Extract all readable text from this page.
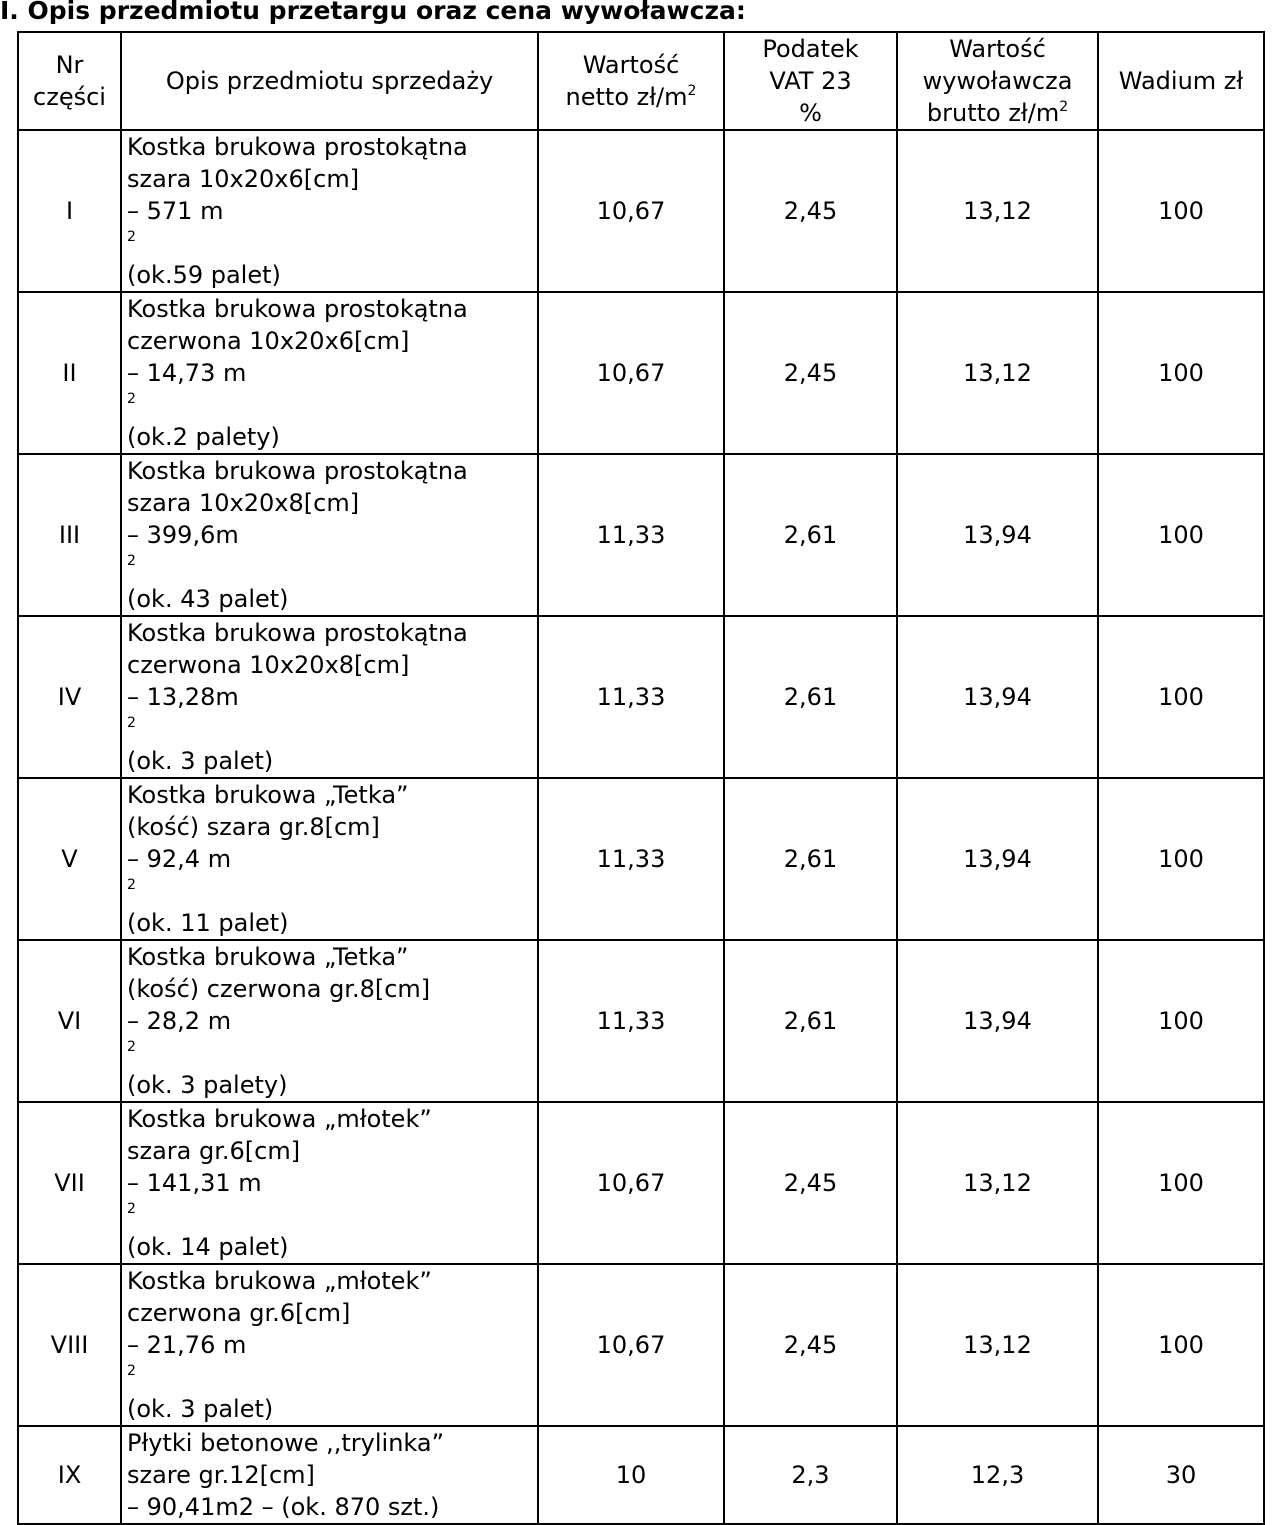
I. Opis przedmiotu przetargu oraz cena wywoławcza:
Nr
części	Opis przedmiotu sprzedaży	Wartość
netto $zł/m^2$	Podatek
VAT 23
%	Wartość
wywoławcza
brutto $zł/m^2$	Wadium zł

I	Kostka brukowa prostokątna
szara 10x20x6[cm]
– 571 m
$^2$
(ok.59 palet)	10,67	2,45	13,12	100
II	Kostka brukowa prostokątna
czerwona 10x20x6[cm]
– 14,73 m
$^2$
(ok.2 palety)	10,67	2,45	13,12	100
III	Kostka brukowa prostokątna
szara 10x20x8[cm]
– 399,6m
$^2$
(ok. 43 palet)	11,33	2,61	13,94	100
IV	Kostka brukowa prostokątna
czerwona 10x20x8[cm]
– 13,28m
$^2$
(ok. 3 palet)	11,33	2,61	13,94	100
V	Kostka brukowa „Tetka”
(kość) szara gr.8[cm]
– 92,4 m
$^2$
(ok. 11 palet)	11,33	2,61	13,94	100
VI	Kostka brukowa „Tetka”
(kość) czerwona gr.8[cm]
– 28,2 m
$^2$
(ok. 3 palety)	11,33	2,61	13,94	100
VII	Kostka brukowa „młotek”
szara gr.6[cm]
– 141,31 m
$^2$
(ok. 14 palet)	10,67	2,45	13,12	100
VIII	Kostka brukowa „młotek”
czerwona gr.6[cm]
– 21,76 m
$^2$
(ok. 3 palet)	10,67	2,45	13,12	100
IX	Płytki betonowe ,,trylinka”
szare gr.12[cm]
– 90,41m2 – (ok. 870 szt.)	10	2,3	12,3	30
